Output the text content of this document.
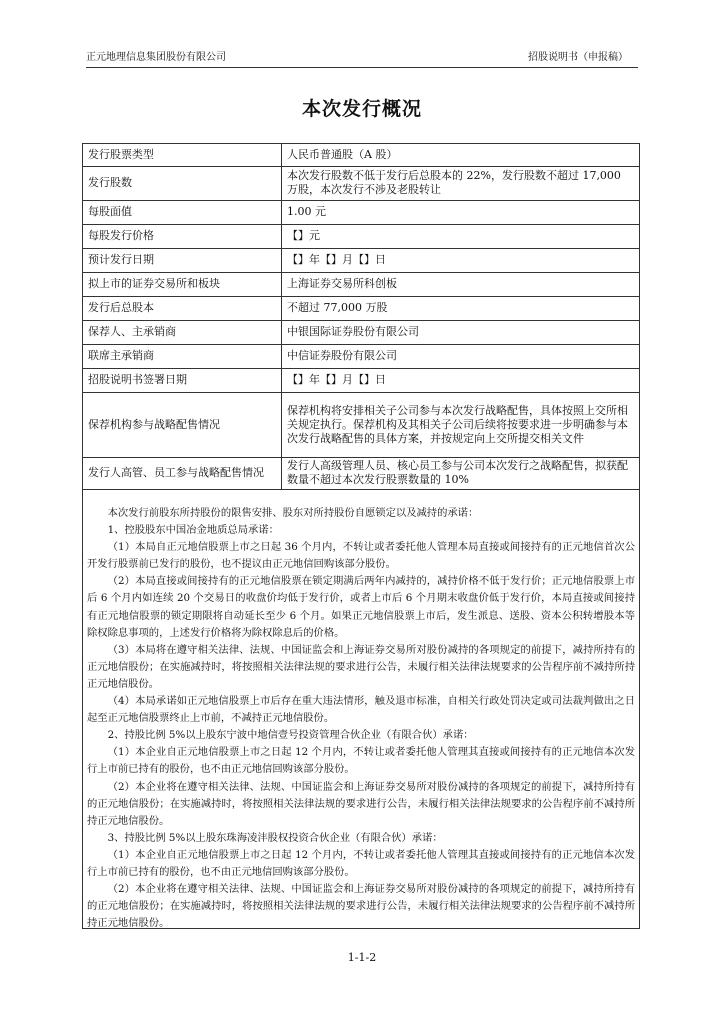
正元地理信息集团股份有限公司	招股说明书（申报稿）
本次发行概况
发行股票类型	人民币普通股（A 股）
发行股数	本次发行股数不低于发行后总股本的 22%，发行股数不超过 17,000 万股，本次发行不涉及老股转让
每股面值	1.00 元
每股发行价格	【】元
预计发行日期	【】年【】月【】日
拟上市的证券交易所和板块	上海证券交易所科创板
发行后总股本	不超过 77,000 万股
保荐人、主承销商	中银国际证券股份有限公司
联席主承销商	中信证券股份有限公司
招股说明书签署日期	【】年【】月【】日
保荐机构参与战略配售情况	保荐机构将安排相关子公司参与本次发行战略配售，具体按照上交所相关规定执行。保荐机构及其相关子公司后续将按要求进一步明确参与本次发行战略配售的具体方案，并按规定向上交所提交相关文件
发行人高管、员工参与战略配售情况	发行人高级管理人员、核心员工参与公司本次发行之战略配售，拟获配数量不超过本次发行股票数量的 10%

本次发行前股东所持股份的限售安排、股东对所持股份自愿锁定以及减持的承诺：

1、控股股东中国冶金地质总局承诺：

（1）本局自正元地信股票上市之日起 36 个月内，不转让或者委托他人管理本局直接或间接持有的正元地信首次公开发行股票前已发行的股份，也不提议由正元地信回购该部分股份。

（2）本局直接或间接持有的正元地信股票在锁定期满后两年内减持的，减持价格不低于发行价；正元地信股票上市后 6 个月内如连续 20 个交易日的收盘价均低于发行价，或者上市后 6 个月期末收盘价低于发行价，本局直接或间接持有正元地信股票的锁定期限将自动延长至少 6 个月。如果正元地信股票上市后，发生派息、送股、资本公积转增股本等除权除息事项的，上述发行价格将为除权除息后的价格。

（3）本局将在遵守相关法律、法规、中国证监会和上海证券交易所对股份减持的各项规定的前提下，减持所持有的正元地信股份；在实施减持时，将按照相关法律法规的要求进行公告，未履行相关法律法规要求的公告程序前不减持所持正元地信股份。

（4）本局承诺如正元地信股票上市后存在重大违法情形，触及退市标准，自相关行政处罚决定或司法裁判做出之日起至正元地信股票终止上市前，不减持正元地信股份。

2、持股比例 5%以上股东宁波中地信壹号投资管理合伙企业（有限合伙）承诺：

（1）本企业自正元地信股票上市之日起 12 个月内，不转让或者委托他人管理其直接或间接持有的正元地信本次发行上市前已持有的股份，也不由正元地信回购该部分股份。

（2）本企业将在遵守相关法律、法规、中国证监会和上海证券交易所对股份减持的各项规定的前提下，减持所持有的正元地信股份；在实施减持时，将按照相关法律法规的要求进行公告，未履行相关法律法规要求的公告程序前不减持所持正元地信股份。

3、持股比例 5%以上股东珠海凌沣股权投资合伙企业（有限合伙）承诺：

（1）本企业自正元地信股票上市之日起 12 个月内，不转让或者委托他人管理其直接或间接持有的正元地信本次发行上市前已持有的股份，也不由正元地信回购该部分股份。

（2）本企业将在遵守相关法律、法规、中国证监会和上海证券交易所对股份减持的各项规定的前提下，减持所持有的正元地信股份；在实施减持时，将按照相关法律法规的要求进行公告，未履行相关法律法规要求的公告程序前不减持所持正元地信股份。

1-1-2
